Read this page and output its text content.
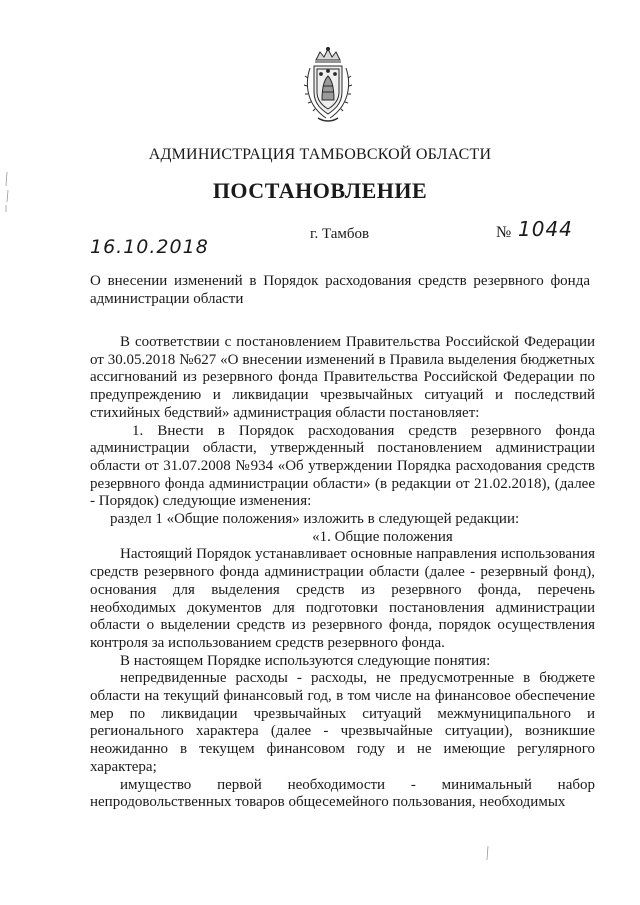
АДМИНИСТРАЦИЯ ТАМБОВСКОЙ ОБЛАСТИ
ПОСТАНОВЛЕНИЕ
г. Тамбов	№ 1044
16.10.2018
О внесении изменений в Порядок расходования средств резервного фонда администрации области

В соответствии с постановлением Правительства Российской Федерации от 30.05.2018 №627 «О внесении изменений в Правила выделения бюджетных ассигнований из резервного фонда Правительства Российской Федерации по предупреждению и ликвидации чрезвычайных ситуаций и последствий стихийных бедствий» администрация области постановляет:

1. Внести в Порядок расходования средств резервного фонда администрации области, утвержденный постановлением администрации области от 31.07.2008 №934 «Об утверждении Порядка расходования средств резервного фонда администрации области» (в редакции от 21.02.2018), (далее - Порядок) следующие изменения:

раздел 1 «Общие положения» изложить в следующей редакции:

«1. Общие положения

Настоящий Порядок устанавливает основные направления использования средств резервного фонда администрации области (далее - резервный фонд), основания для выделения средств из резервного фонда, перечень необходимых документов для подготовки постановления администрации области о выделении средств из резервного фонда, порядок осуществления контроля за использованием средств резервного фонда.

В настоящем Порядке используются следующие понятия:

непредвиденные расходы - расходы, не предусмотренные в бюджете области на текущий финансовый год, в том числе на финансовое обеспечение мер по ликвидации чрезвычайных ситуаций межмуниципального и регионального характера (далее - чрезвычайные ситуации), возникшие неожиданно в текущем финансовом году и не имеющие регулярного характера;

имущество первой необходимости - минимальный набор непродовольственных товаров общесемейного пользования, необходимых
